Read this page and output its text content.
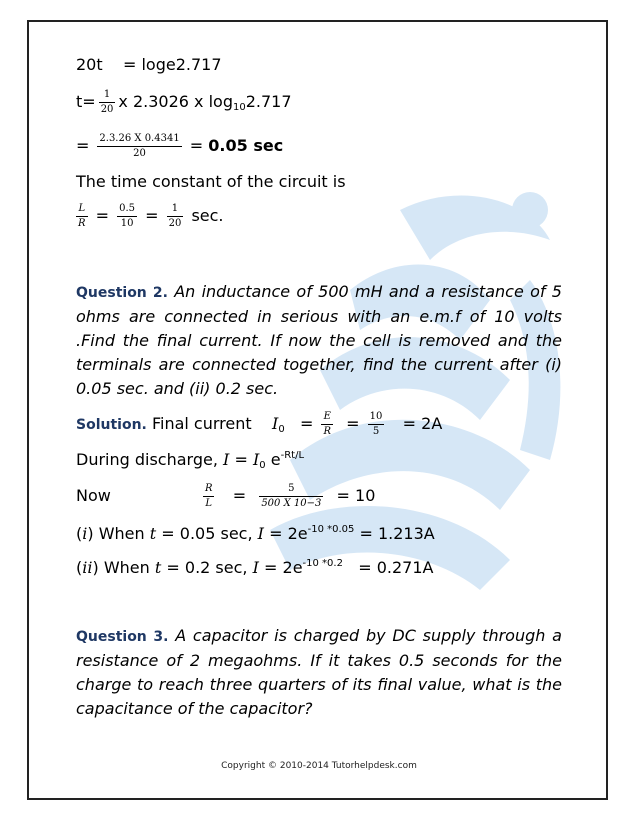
20t = loge2.717
$t= \frac{1}{20}$ x 2.3026 x $\log_{10}2.717$
= $\frac{2.3.26 X 0.4341}{20} = 0.05$ sec
The time constant of the circuit is
$\frac{L}{R} = \frac{0.5}{10} = \frac{1}{20} \sec$.
Question 2. An inductance of 500 mH and a resistance of 5 ohms are connected in serious with an e.m.f of 10 volts .Find the final current. If now the cell is removed and the terminals are connected together, find the current after (i) 0.05 sec. and (ii) 0.2 sec.
Solution. Final current $I_0 = \frac{E}{R} = \frac{10}{5} = 2A$
During discharge, $I = I_0$ $e^{-Rt/L}$
Now	$\frac{R}{L} = \frac{5}{500 X 10-3} = 10$
(i) When t = 0.05 sec, $I = 2e^{-10 *0.05} = 1.213A$
(ii) When t = 0.2 sec, $I = 2e^{-10 *0.2} = 0.271A$
Question 3. A capacitor is charged by DC supply through a resistance of 2 megaohms. If it takes 0.5 seconds for the charge to reach three quarters of its final value, what is the capacitance of the capacitor?
Copyright © 2010-2014 Tutorhelpdesk.com
